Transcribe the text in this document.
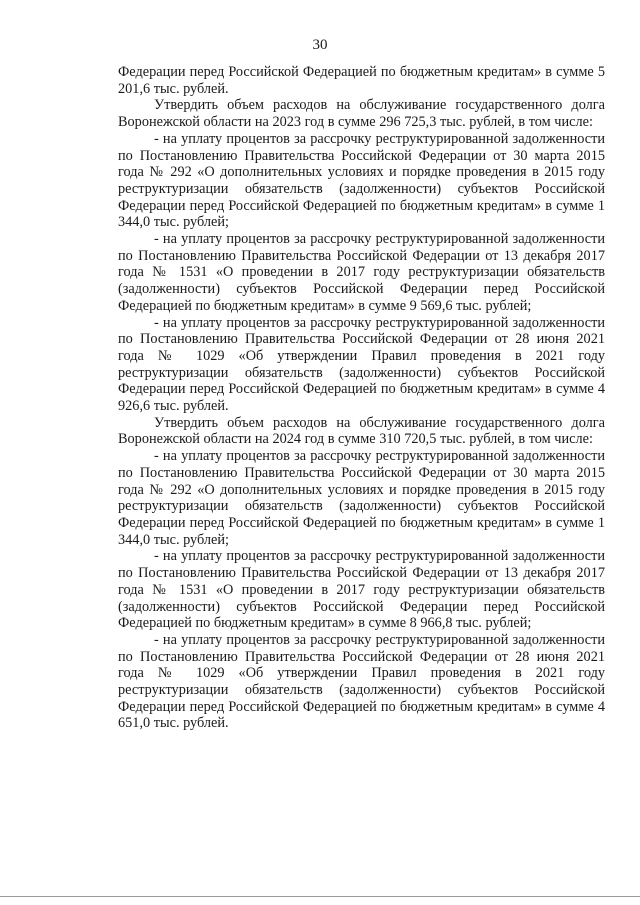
30

Федерации перед Российской Федерацией по бюджетным кредитам» в сумме 5 201,6 тыс. рублей.

Утвердить объем расходов на обслуживание государственного долга Воронежской области на 2023 год в сумме 296 725,3 тыс. рублей, в том числе:

- на уплату процентов за рассрочку реструктурированной задолженности по Постановлению Правительства Российской Федерации от 30 марта 2015 года № 292 «О дополнительных условиях и порядке проведения в 2015 году реструктуризации обязательств (задолженности) субъектов Российской Федерации перед Российской Федерацией по бюджетным кредитам» в сумме 1 344,0 тыс. рублей;

- на уплату процентов за рассрочку реструктурированной задолженности по Постановлению Правительства Российской Федерации от 13 декабря 2017 года № 1531 «О проведении в 2017 году реструктуризации обязательств (задолженности) субъектов Российской Федерации перед Российской Федерацией по бюджетным кредитам» в сумме 9 569,6 тыс. рублей;

- на уплату процентов за рассрочку реструктурированной задолженности по Постановлению Правительства Российской Федерации от 28 июня 2021 года № 1029 «Об утверждении Правил проведения в 2021 году реструктуризации обязательств (задолженности) субъектов Российской Федерации перед Российской Федерацией по бюджетным кредитам» в сумме 4 926,6 тыс. рублей.

Утвердить объем расходов на обслуживание государственного долга Воронежской области на 2024 год в сумме 310 720,5 тыс. рублей, в том числе:

- на уплату процентов за рассрочку реструктурированной задолженности по Постановлению Правительства Российской Федерации от 30 марта 2015 года № 292 «О дополнительных условиях и порядке проведения в 2015 году реструктуризации обязательств (задолженности) субъектов Российской Федерации перед Российской Федерацией по бюджетным кредитам» в сумме 1 344,0 тыс. рублей;

- на уплату процентов за рассрочку реструктурированной задолженности по Постановлению Правительства Российской Федерации от 13 декабря 2017 года № 1531 «О проведении в 2017 году реструктуризации обязательств (задолженности) субъектов Российской Федерации перед Российской Федерацией по бюджетным кредитам» в сумме 8 966,8 тыс. рублей;

- на уплату процентов за рассрочку реструктурированной задолженности по Постановлению Правительства Российской Федерации от 28 июня 2021 года № 1029 «Об утверждении Правил проведения в 2021 году реструктуризации обязательств (задолженности) субъектов Российской Федерации перед Российской Федерацией по бюджетным кредитам» в сумме 4 651,0 тыс. рублей.
